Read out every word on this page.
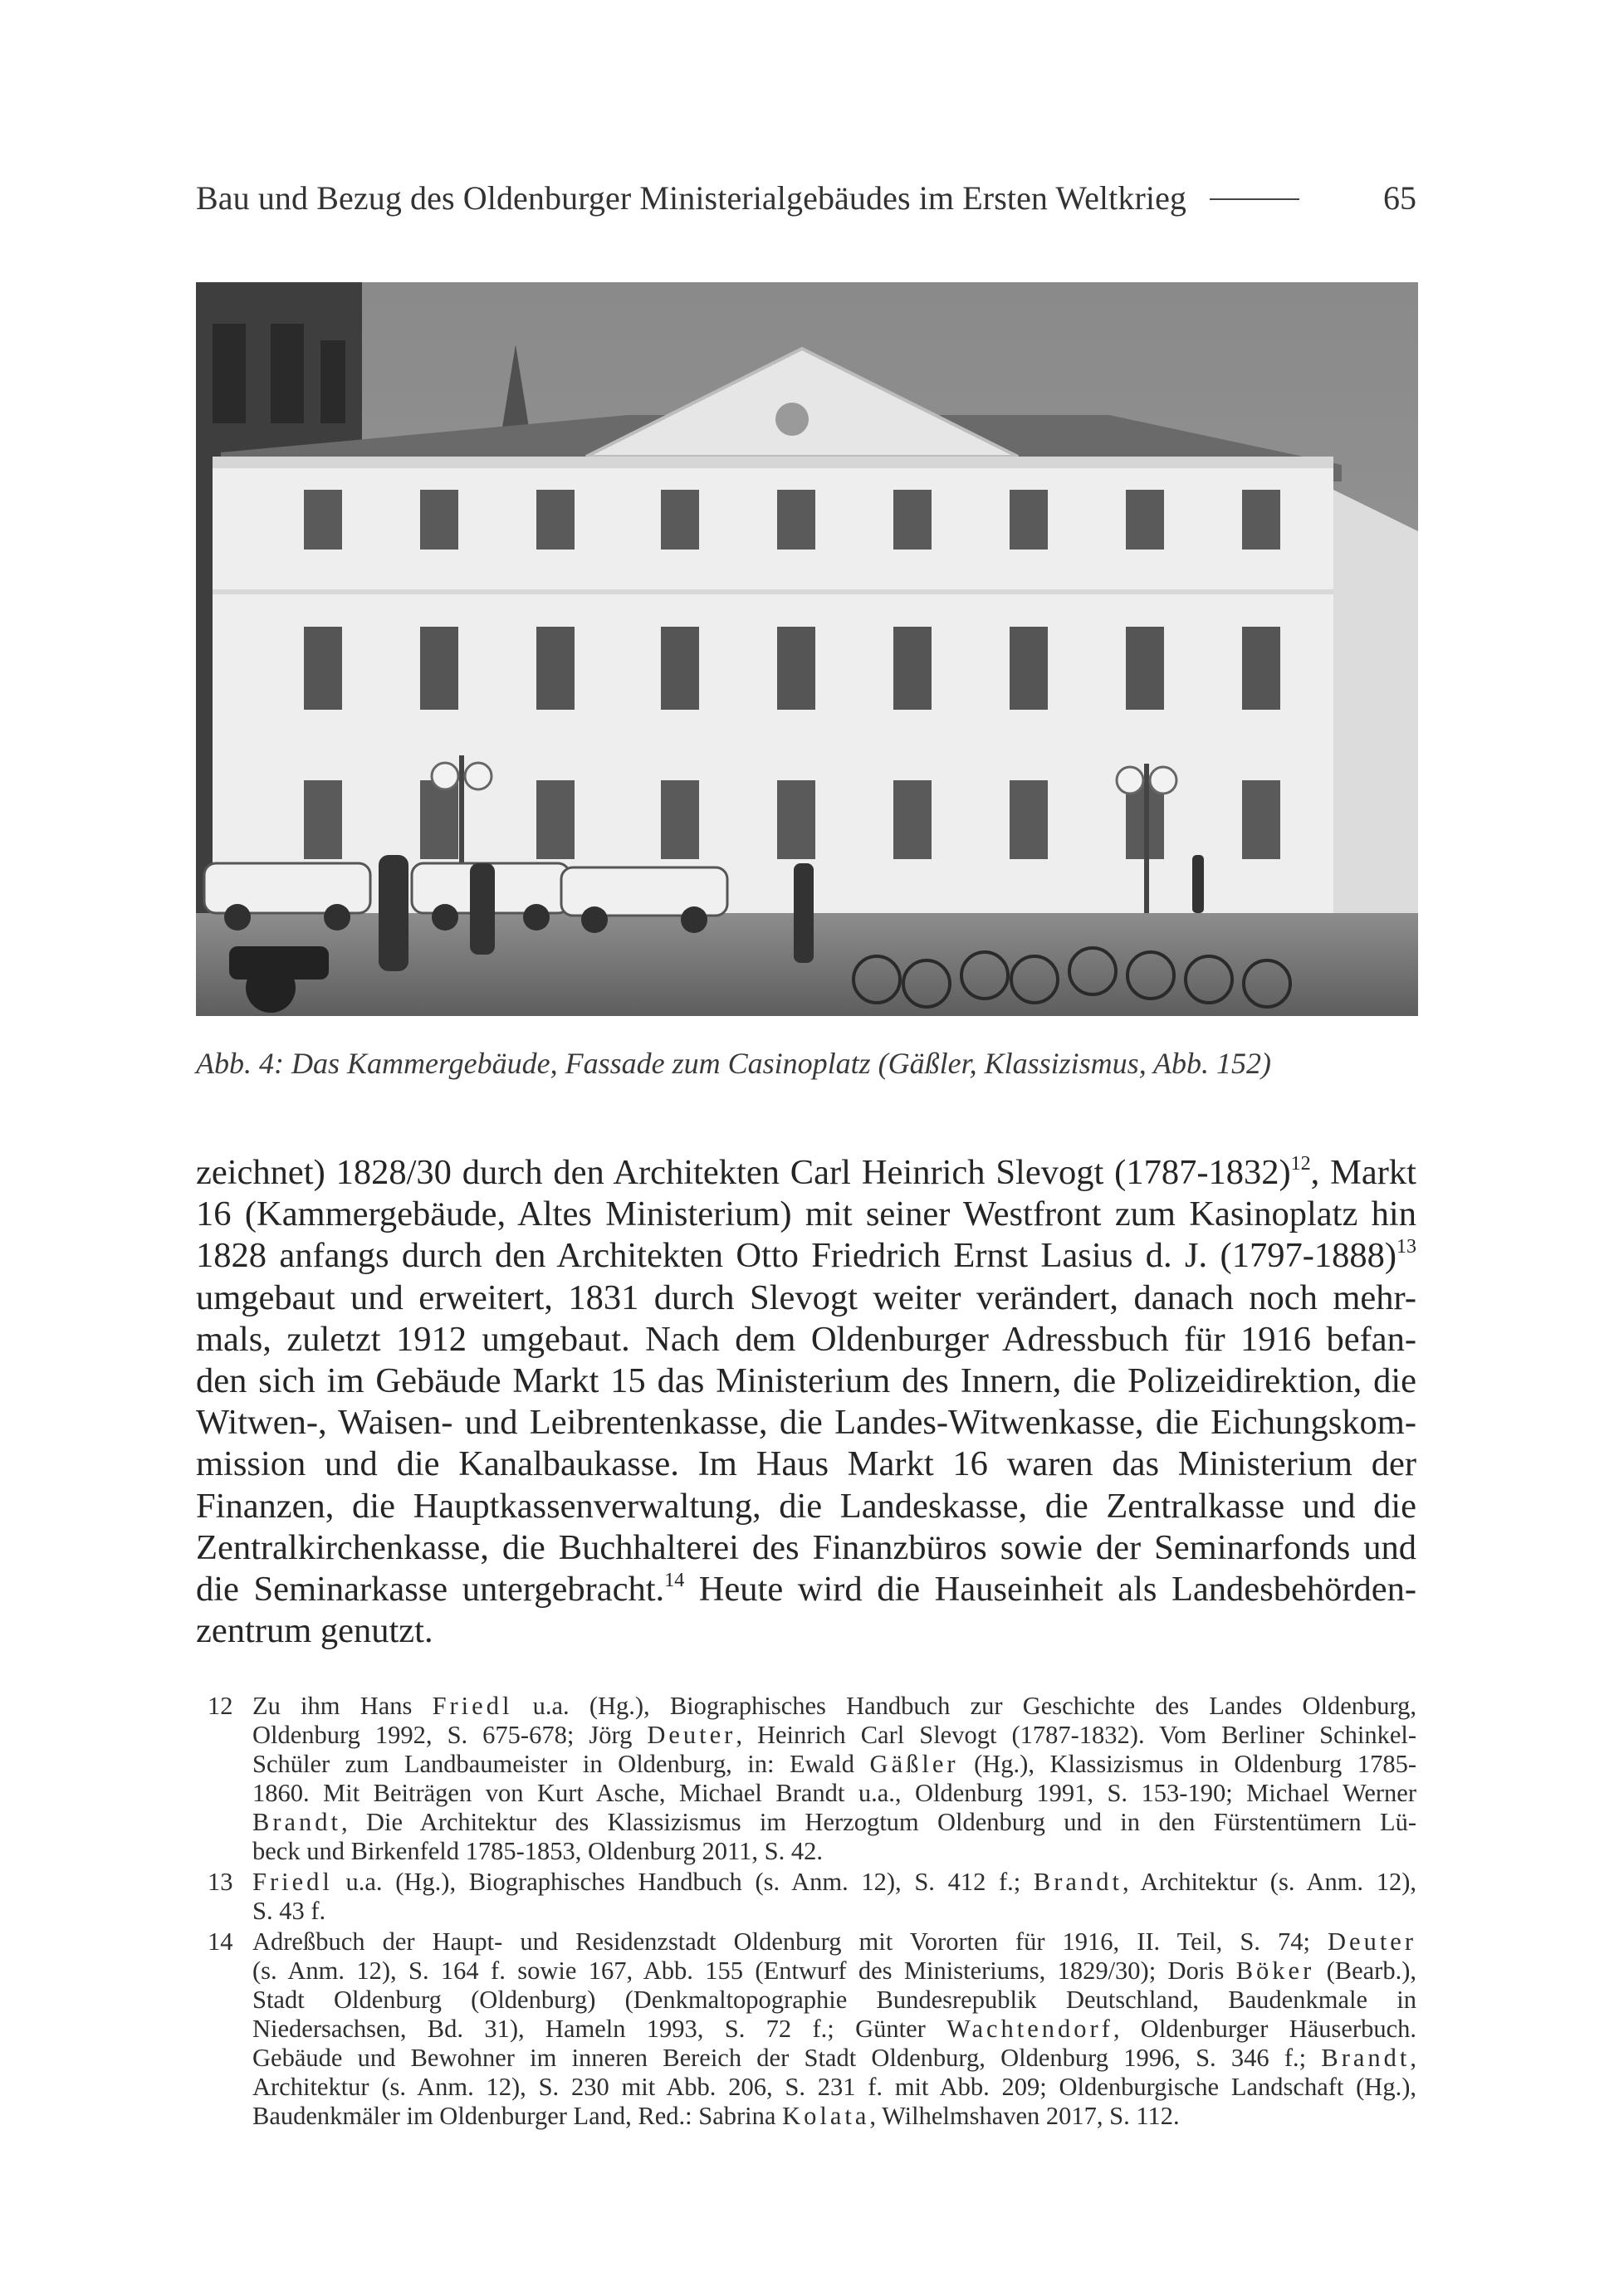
Bau und Bezug des Oldenburger Ministerialgebäudes im Ersten Weltkrieg	65
Abb. 4: Das Kammergebäude, Fassade zum Casinoplatz (Gäßler, Klassizismus, Abb. 152)
zeichnet) 1828/30 durch den Architekten Carl Heinrich Slevogt (1787-1832)$^{12}$, Markt
16 (Kammergebäude, Altes Ministerium) mit seiner Westfront zum Kasinoplatz hin
1828 anfangs durch den Architekten Otto Friedrich Ernst Lasius d. J. (1797-1888)$^{13}$
umgebaut und erweitert, 1831 durch Slevogt weiter verändert, danach noch mehr-
mals, zuletzt 1912 umgebaut. Nach dem Oldenburger Adressbuch für 1916 befan-
den sich im Gebäude Markt 15 das Ministerium des Innern, die Polizeidirektion, die
Witwen-, Waisen- und Leibrentenkasse, die Landes-Witwenkasse, die Eichungskom-
mission und die Kanalbaukasse. Im Haus Markt 16 waren das Ministerium der
Finanzen, die Hauptkassenverwaltung, die Landeskasse, die Zentralkasse und die
Zentralkirchenkasse, die Buchhalterei des Finanzbüros sowie der Seminarfonds und
die Seminarkasse untergebracht.$^{14}$ Heute wird die Hauseinheit als Landesbehörden-
zentrum genutzt.
12 Zu ihm Hans Friedl u.a. (Hg.), Biographisches Handbuch zur Geschichte des Landes Oldenburg,
Oldenburg 1992, S. 675-678; Jörg Deuter, Heinrich Carl Slevogt (1787-1832). Vom Berliner Schinkel-
Schüler zum Landbaumeister in Oldenburg, in: Ewald Gäßler (Hg.), Klassizismus in Oldenburg 1785-
1860. Mit Beiträgen von Kurt Asche, Michael Brandt u.a., Oldenburg 1991, S. 153-190; Michael Werner
Brandt, Die Architektur des Klassizismus im Herzogtum Oldenburg und in den Fürstentümern Lü-
beck und Birkenfeld 1785-1853, Oldenburg 2011, S. 42.
13 Friedl u.a. (Hg.), Biographisches Handbuch (s. Anm. 12), S. 412 f.; Brandt, Architektur (s. Anm. 12),
S. 43 f.
14 Adreßbuch der Haupt- und Residenzstadt Oldenburg mit Vororten für 1916, II. Teil, S. 74; Deuter
(s. Anm. 12), S. 164 f. sowie 167, Abb. 155 (Entwurf des Ministeriums, 1829/30); Doris Böker (Bearb.),
Stadt Oldenburg (Oldenburg) (Denkmaltopographie Bundesrepublik Deutschland, Baudenkmale in
Niedersachsen, Bd. 31), Hameln 1993, S. 72 f.; Günter Wachtendorf, Oldenburger Häuserbuch.
Gebäude und Bewohner im inneren Bereich der Stadt Oldenburg, Oldenburg 1996, S. 346 f.; Brandt,
Architektur (s. Anm. 12), S. 230 mit Abb. 206, S. 231 f. mit Abb. 209; Oldenburgische Landschaft (Hg.),
Baudenkmäler im Oldenburger Land, Red.: Sabrina Kolata, Wilhelmshaven 2017, S. 112.
